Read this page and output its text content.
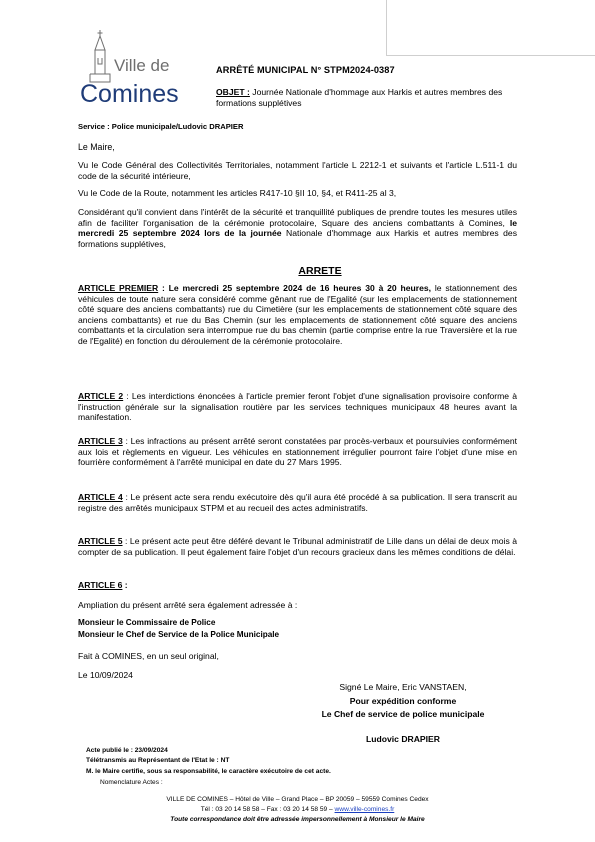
Ville de
Comines
ARRÊTÉ MUNICIPAL N° STPM2024-0387
OBJET : Journée Nationale d'hommage aux Harkis et autres membres des formations supplétives
Service : Police municipale/Ludovic DRAPIER
Le Maire,
Vu le Code Général des Collectivités Territoriales, notamment l'article L 2212-1 et suivants et l'article L.511-1 du code de la sécurité intérieure,
Vu le Code de la Route, notamment les articles R417-10 §II 10, §4, et R411-25 al 3,
Considérant qu'il convient dans l'intérêt de la sécurité et tranquillité publiques de prendre toutes les mesures utiles afin de faciliter l'organisation de la cérémonie protocolaire, Square des anciens combattants à Comines, le mercredi 25 septembre 2024 lors de la journée Nationale d'hommage aux Harkis et autres membres des formations supplétives,
ARRETE
ARTICLE PREMIER : Le mercredi 25 septembre 2024 de 16 heures 30 à 20 heures, le stationnement des véhicules de toute nature sera considéré comme gênant rue de l'Egalité (sur les emplacements de stationnement côté square des anciens combattants) rue du Cimetière (sur les emplacements de stationnement côté square des anciens combattants) et rue du Bas Chemin (sur les emplacements de stationnement côté square des anciens combattants et la circulation sera interrompue rue du bas chemin (partie comprise entre la rue Traversière et la rue de l'Egalité) en fonction du déroulement de la cérémonie protocolaire.
ARTICLE 2 : Les interdictions énoncées à l'article premier feront l'objet d'une signalisation provisoire conforme à l'instruction générale sur la signalisation routière par les services techniques municipaux 48 heures avant la manifestation.
ARTICLE 3 : Les infractions au présent arrêté seront constatées par procès-verbaux et poursuivies conformément aux lois et règlements en vigueur. Les véhicules en stationnement irrégulier pourront faire l'objet d'une mise en fourrière conformément à l'arrêté municipal en date du 27 Mars 1995.
ARTICLE 4 : Le présent acte sera rendu exécutoire dès qu'il aura été procédé à sa publication. Il sera transcrit au registre des arrêtés municipaux STPM et au recueil des actes administratifs.
ARTICLE 5 : Le présent acte peut être déféré devant le Tribunal administratif de Lille dans un délai de deux mois à compter de sa publication. Il peut également faire l'objet d'un recours gracieux dans les mêmes conditions de délai.
ARTICLE 6 :
Ampliation du présent arrêté sera également adressée à :
Monsieur le Commissaire de Police
Monsieur le Chef de Service de la Police Municipale
Fait à COMINES, en un seul original,
Le 10/09/2024
Signé Le Maire, Eric VANSTAEN,
Pour expédition conforme
Le Chef de service de police municipale
Ludovic DRAPIER
Acte publié le : 23/09/2024
Télétransmis au Représentant de l'Etat le : NT
M. le Maire certifie, sous sa responsabilité, le caractère exécutoire de cet acte.
Nomenclature Actes :
VILLE DE COMINES – Hôtel de Ville – Grand Place – BP 20059 – 59559 Comines Cedex
Tél : 03 20 14 58 58 – Fax : 03 20 14 58 59 – www.ville-comines.fr
Toute correspondance doit être adressée impersonnellement à Monsieur le Maire
